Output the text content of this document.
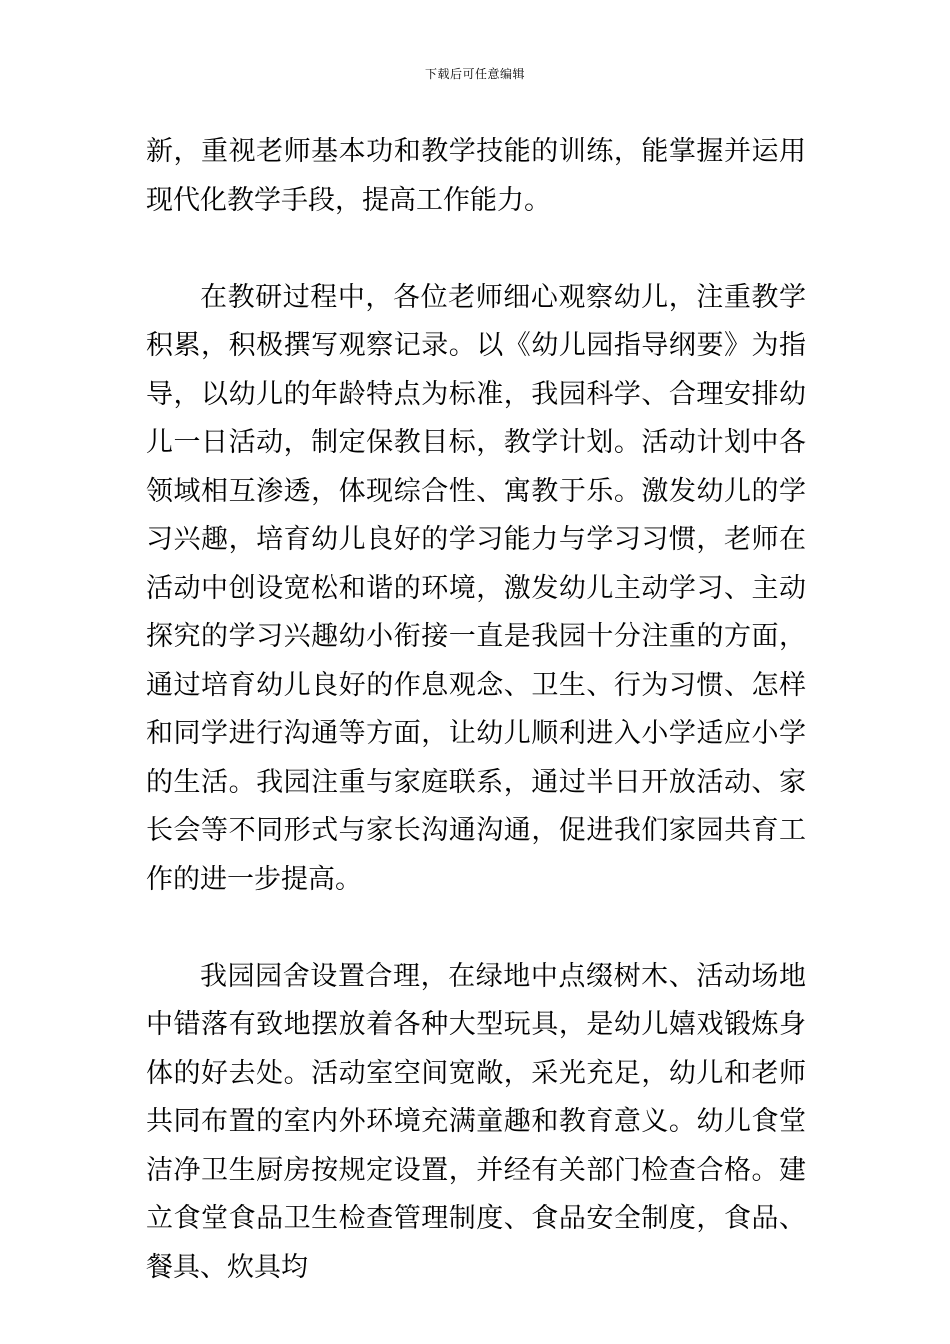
下载后可任意编辑

新，重视老师基本功和教学技能的训练，能掌握并运用现代化教学手段，提高工作能力。

在教研过程中，各位老师细心观察幼儿，注重教学积累，积极撰写观察记录。以《幼儿园指导纲要》为指导，以幼儿的年龄特点为标准，我园科学、合理安排幼儿一日活动，制定保教目标，教学计划。活动计划中各领域相互渗透，体现综合性、寓教于乐。激发幼儿的学习兴趣，培育幼儿良好的学习能力与学习习惯，老师在活动中创设宽松和谐的环境，激发幼儿主动学习、主动探究的学习兴趣幼小衔接一直是我园十分注重的方面，通过培育幼儿良好的作息观念、卫生、行为习惯、怎样和同学进行沟通等方面，让幼儿顺利进入小学适应小学的生活。我园注重与家庭联系，通过半日开放活动、家长会等不同形式与家长沟通沟通，促进我们家园共育工作的进一步提高。

我园园舍设置合理，在绿地中点缀树木、活动场地中错落有致地摆放着各种大型玩具，是幼儿嬉戏锻炼身体的好去处。活动室空间宽敞，采光充足，幼儿和老师共同布置的室内外环境充满童趣和教育意义。幼儿食堂洁净卫生厨房按规定设置，并经有关部门检查合格。建立食堂食品卫生检查管理制度、食品安全制度，食品、餐具、炊具均
